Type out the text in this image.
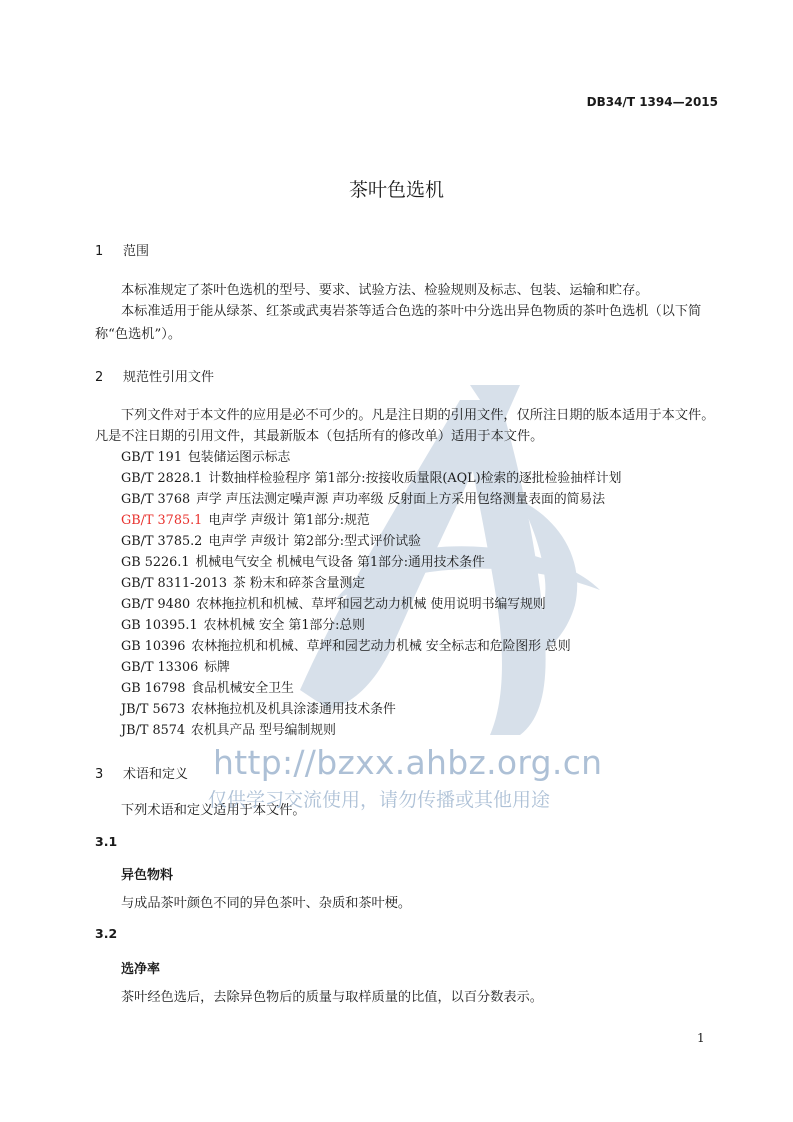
DB34/T 1394—2015
茶叶色选机
1 范围
本标准规定了茶叶色选机的型号、要求、试验方法、检验规则及标志、包装、运输和贮存。
本标准适用于能从绿茶、红茶或武夷岩茶等适合色选的茶叶中分选出异色物质的茶叶色选机（以下简称“色选机”）。
2 规范性引用文件
下列文件对于本文件的应用是必不可少的。凡是注日期的引用文件，仅所注日期的版本适用于本文件。凡是不注日期的引用文件，其最新版本（包括所有的修改单）适用于本文件。
GB/T 191 包装储运图示标志
GB/T 2828.1 计数抽样检验程序 第1部分:按接收质量限(AQL)检索的逐批检验抽样计划
GB/T 3768 声学 声压法测定噪声源 声功率级 反射面上方采用包络测量表面的简易法
GB/T 3785.1 电声学 声级计 第1部分:规范
GB/T 3785.2 电声学 声级计 第2部分:型式评价试验
GB 5226.1 机械电气安全 机械电气设备 第1部分:通用技术条件
GB/T 8311-2013 茶 粉末和碎茶含量测定
GB/T 9480 农林拖拉机和机械、草坪和园艺动力机械 使用说明书编写规则
GB 10395.1 农林机械 安全 第1部分:总则
GB 10396 农林拖拉机和机械、草坪和园艺动力机械 安全标志和危险图形 总则
GB/T 13306 标牌
GB 16798 食品机械安全卫生
JB/T 5673 农林拖拉机及机具涂漆通用技术条件
JB/T 8574 农机具产品 型号编制规则
3 术语和定义
下列术语和定义适用于本文件。
3.1
异色物料
与成品茶叶颜色不同的异色茶叶、杂质和茶叶梗。
3.2
选净率
茶叶经色选后，去除异色物后的质量与取样质量的比值，以百分数表示。
http://bzxx.ahbz.org.cn
仅供学习交流使用，请勿传播或其他用途
1
